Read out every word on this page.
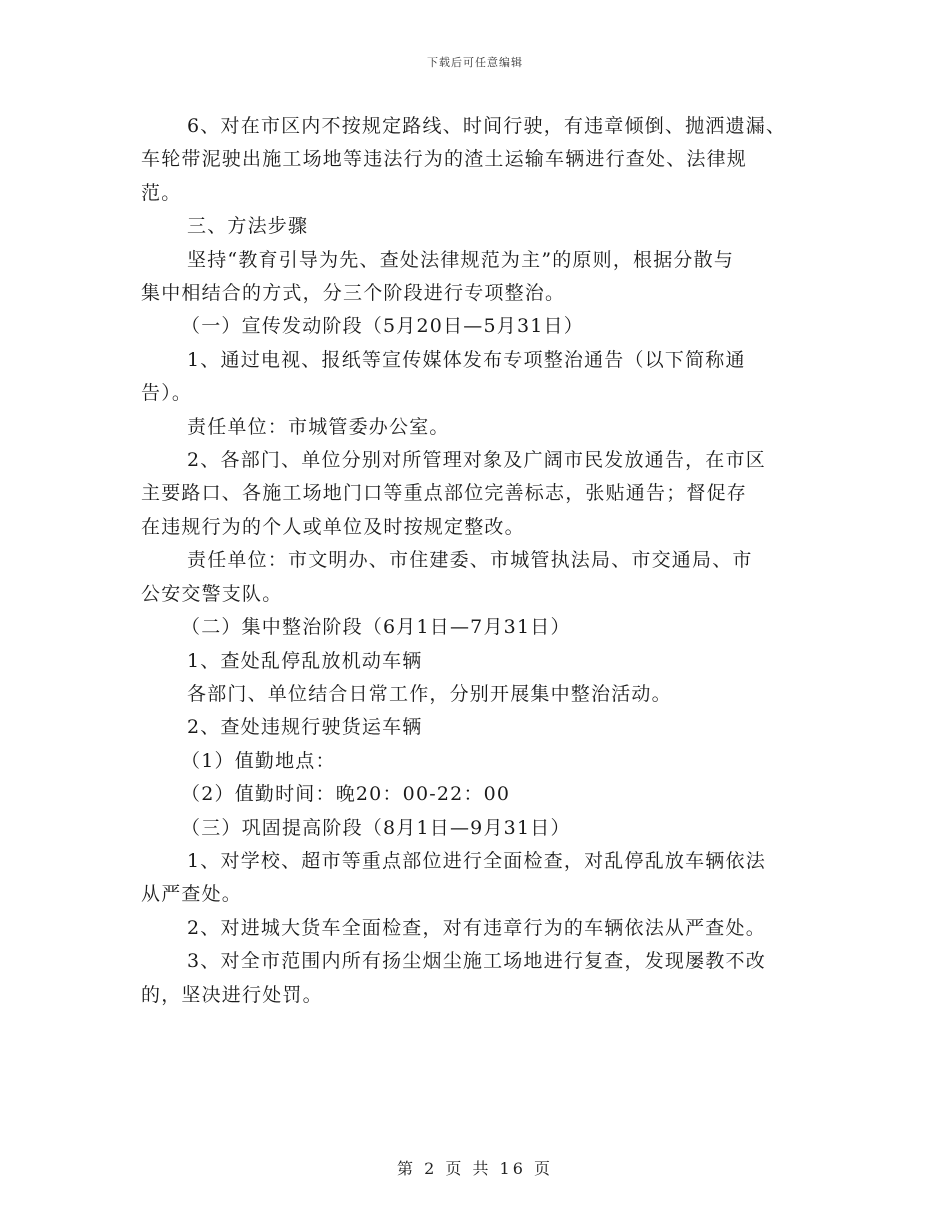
下载后可任意编辑

6、对在市区内不按规定路线、时间行驶，有违章倾倒、抛洒遗漏、

车轮带泥驶出施工场地等违法行为的渣土运输车辆进行查处、法律规

范。

三、方法步骤

坚持“教育引导为先、查处法律规范为主”的原则，根据分散与

集中相结合的方式，分三个阶段进行专项整治。

（一）宣传发动阶段（5月20日—5月31日）

1、通过电视、报纸等宣传媒体发布专项整治通告（以下简称通

告）。

责任单位：市城管委办公室。

2、各部门、单位分别对所管理对象及广阔市民发放通告，在市区

主要路口、各施工场地门口等重点部位完善标志，张贴通告；督促存

在违规行为的个人或单位及时按规定整改。

责任单位：市文明办、市住建委、市城管执法局、市交通局、市

公安交警支队。

（二）集中整治阶段（6月1日—7月31日）

1、查处乱停乱放机动车辆

各部门、单位结合日常工作，分别开展集中整治活动。

2、查处违规行驶货运车辆

（1）值勤地点：

（2）值勤时间：晚20：00-22：00

（三）巩固提高阶段（8月1日—9月31日）

1、对学校、超市等重点部位进行全面检查，对乱停乱放车辆依法

从严查处。

2、对进城大货车全面检查，对有违章行为的车辆依法从严查处。

3、对全市范围内所有扬尘烟尘施工场地进行复查，发现屡教不改

的，坚决进行处罚。

第 2 页 共 16 页
